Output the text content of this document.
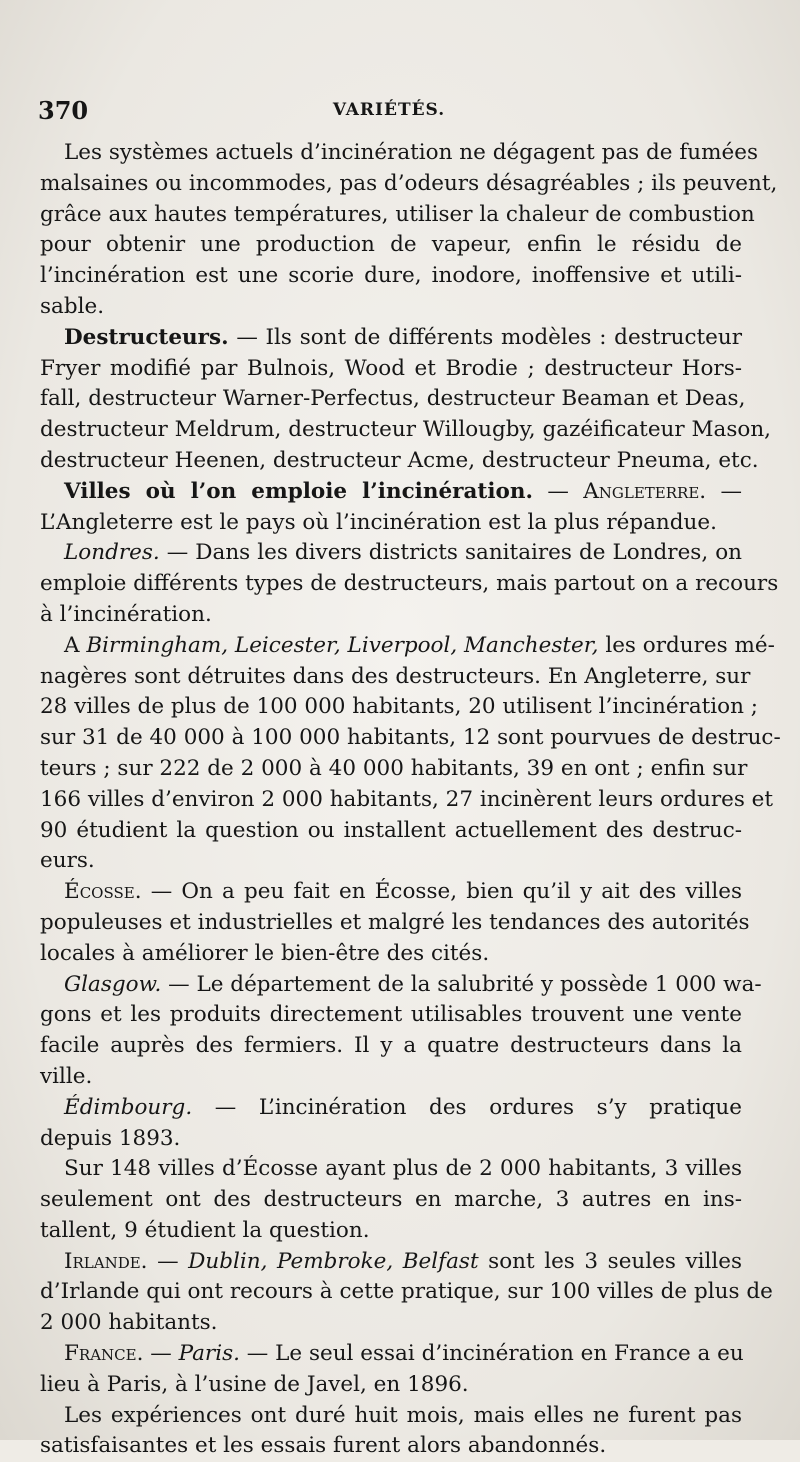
370	VARIÉTÉS.
Les systèmes actuels d’incinération ne dégagent pas de fumées
malsaines ou incommodes, pas d’odeurs désagréables ; ils peuvent,
grâce aux hautes températures, utiliser la chaleur de combustion
pour obtenir une production de vapeur, enfin le résidu de
l’incinération est une scorie dure, inodore, inoffensive et utili-
sable.
Destructeurs. — Ils sont de différents modèles : destructeur
Fryer modifié par Bulnois, Wood et Brodie ; destructeur Hors-
fall, destructeur Warner-Perfectus, destructeur Beaman et Deas,
destructeur Meldrum, destructeur Willougby, gazéificateur Mason,
destructeur Heenen, destructeur Acme, destructeur Pneuma, etc.
Villes où l’on emploie l’incinération. — Angleterre. —
L’Angleterre est le pays où l’incinération est la plus répandue.
Londres. — Dans les divers districts sanitaires de Londres, on
emploie différents types de destructeurs, mais partout on a recours
à l’incinération.
A Birmingham, Leicester, Liverpool, Manchester, les ordures mé-
nagères sont détruites dans des destructeurs. En Angleterre, sur
28 villes de plus de 100 000 habitants, 20 utilisent l’incinération ;
sur 31 de 40 000 à 100 000 habitants, 12 sont pourvues de destruc-
teurs ; sur 222 de 2 000 à 40 000 habitants, 39 en ont ; enfin sur
166 villes d’environ 2 000 habitants, 27 incinèrent leurs ordures et
90 étudient la question ou installent actuellement des destruc-
eurs.
Écosse. — On a peu fait en Écosse, bien qu’il y ait des villes
populeuses et industrielles et malgré les tendances des autorités
locales à améliorer le bien-être des cités.
Glasgow. — Le département de la salubrité y possède 1 000 wa-
gons et les produits directement utilisables trouvent une vente
facile auprès des fermiers. Il y a quatre destructeurs dans la
ville.
Édimbourg. — L’incinération des ordures s’y pratique
depuis 1893.
Sur 148 villes d’Écosse ayant plus de 2 000 habitants, 3 villes
seulement ont des destructeurs en marche, 3 autres en ins-
tallent, 9 étudient la question.
Irlande. — Dublin, Pembroke, Belfast sont les 3 seules villes
d’Irlande qui ont recours à cette pratique, sur 100 villes de plus de
2 000 habitants.
France. — Paris. — Le seul essai d’incinération en France a eu
lieu à Paris, à l’usine de Javel, en 1896.
Les expériences ont duré huit mois, mais elles ne furent pas
satisfaisantes et les essais furent alors abandonnés.
